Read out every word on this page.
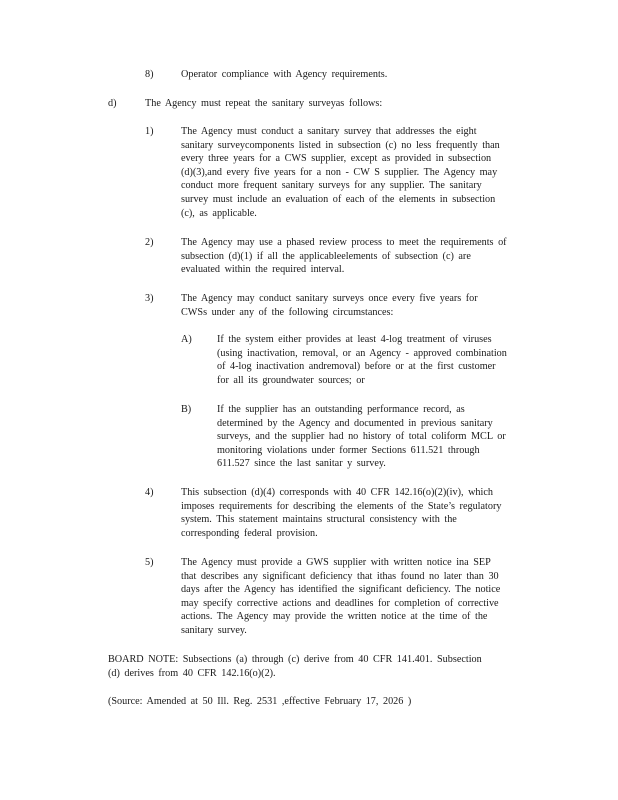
8)	Operator compliance with Agency requirements.
d)	The Agency must repeat the sanitary surveyas follows:
1)	The Agency must conduct a sanitary survey that addresses the eight
sanitary surveycomponents listed in subsection (c) no less frequently than
every three years for a CWS supplier, except as provided in subsection
(d)(3),and every five years for a non - CW S supplier. The Agency may
conduct more frequent sanitary surveys for any supplier. The sanitary
survey must include an evaluation of each of the elements in subsection
(c), as applicable.
2)	The Agency may use a phased review process to meet the requirements of
subsection (d)(1) if all the applicableelements of subsection (c) are
evaluated within the required interval.
3)	The Agency may conduct sanitary surveys once every five years for
CWSs under any of the following circumstances:
A) If the system either provides at least 4-log treatment of viruses
(using inactivation, removal, or an Agency - approved combination
of 4-log inactivation andremoval) before or at the first customer
for all its groundwater sources; or
B)	If the supplier has an outstanding performance record, as
determined by the Agency and documented in previous sanitary
surveys, and the supplier had no history of total coliform MCL or
monitoring violations under former Sections 611.521 through
611.527 since the last sanitar y survey.
4)	This subsection (d)(4) corresponds with 40 CFR 142.16(o)(2)(iv), which
imposes requirements for describing the elements of the State’s regulatory
system. This statement maintains structural consistency with the
corresponding federal provision.
5)	The Agency must provide a GWS supplier with written notice ina SEP
that describes any significant deficiency that ithas found no later than 30
days after the Agency has identified the significant deficiency. The notice
may specify corrective actions and deadlines for completion of corrective
actions. The Agency may provide the written notice at the time of the
sanitary survey.
BOARD NOTE: Subsections (a) through (c) derive from 40 CFR 141.401. Subsection
(d) derives from 40 CFR 142.16(o)(2).
(Source: Amended at 50 Ill. Reg. 2531 ,effective February 17, 2026 )
